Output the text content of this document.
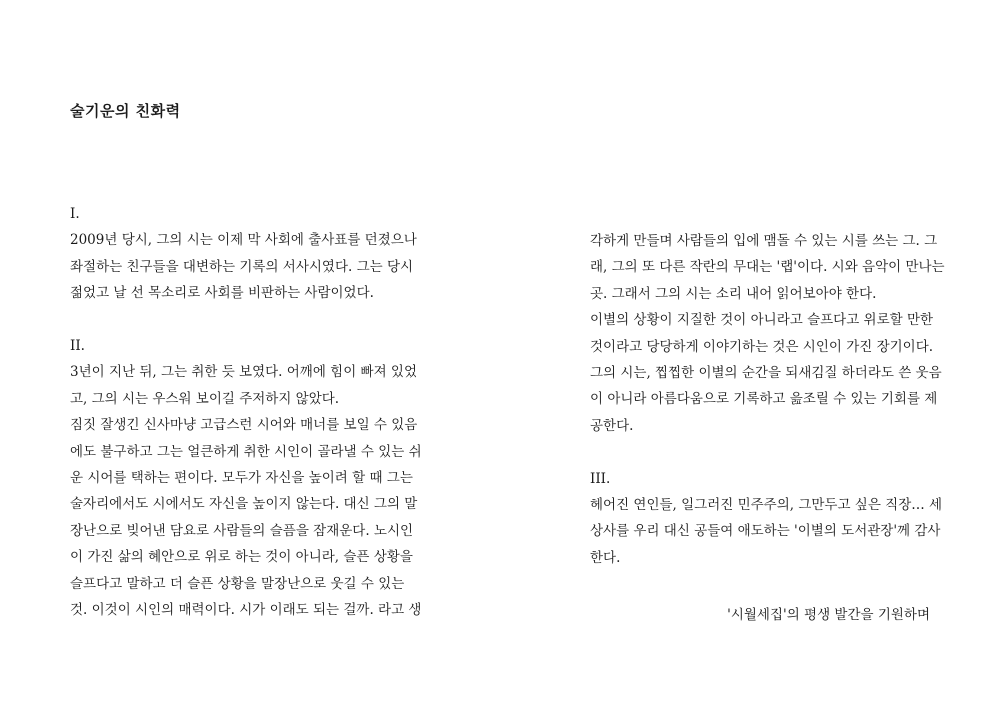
술기운의 친화력
I.
2009년 당시, 그의 시는 이제 막 사회에 출사표를 던졌으나
좌절하는 친구들을 대변하는 기록의 서사시였다. 그는 당시
젊었고 날 선 목소리로 사회를 비판하는 사람이었다.
II.
3년이 지난 뒤, 그는 취한 듯 보였다. 어깨에 힘이 빠져 있었
고, 그의 시는 우스워 보이길 주저하지 않았다.
짐짓 잘생긴 신사마냥 고급스런 시어와 매너를 보일 수 있음
에도 불구하고 그는 얼큰하게 취한 시인이 골라낼 수 있는 쉬
운 시어를 택하는 편이다. 모두가 자신을 높이려 할 때 그는
술자리에서도 시에서도 자신을 높이지 않는다. 대신 그의 말
장난으로 빚어낸 담요로 사람들의 슬픔을 잠재운다. 노시인
이 가진 삶의 혜안으로 위로 하는 것이 아니라, 슬픈 상황을
슬프다고 말하고 더 슬픈 상황을 말장난으로 웃길 수 있는
것. 이것이 시인의 매력이다. 시가 이래도 되는 걸까. 라고 생
각하게 만들며 사람들의 입에 맴돌 수 있는 시를 쓰는 그. 그
래, 그의 또 다른 작란의 무대는 '랩'이다. 시와 음악이 만나는
곳. 그래서 그의 시는 소리 내어 읽어보아야 한다.
이별의 상황이 지질한 것이 아니라고 슬프다고 위로할 만한
것이라고 당당하게 이야기하는 것은 시인이 가진 장기이다.
그의 시는, 찝찝한 이별의 순간을 되새김질 하더라도 쓴 웃음
이 아니라 아름다움으로 기록하고 읊조릴 수 있는 기회를 제
공한다.
III.
헤어진 연인들, 일그러진 민주주의, 그만두고 싶은 직장… 세
상사를 우리 대신 공들여 애도하는 '이별의 도서관장'께 감사
한다.
'시월세집'의 평생 발간을 기원하며
